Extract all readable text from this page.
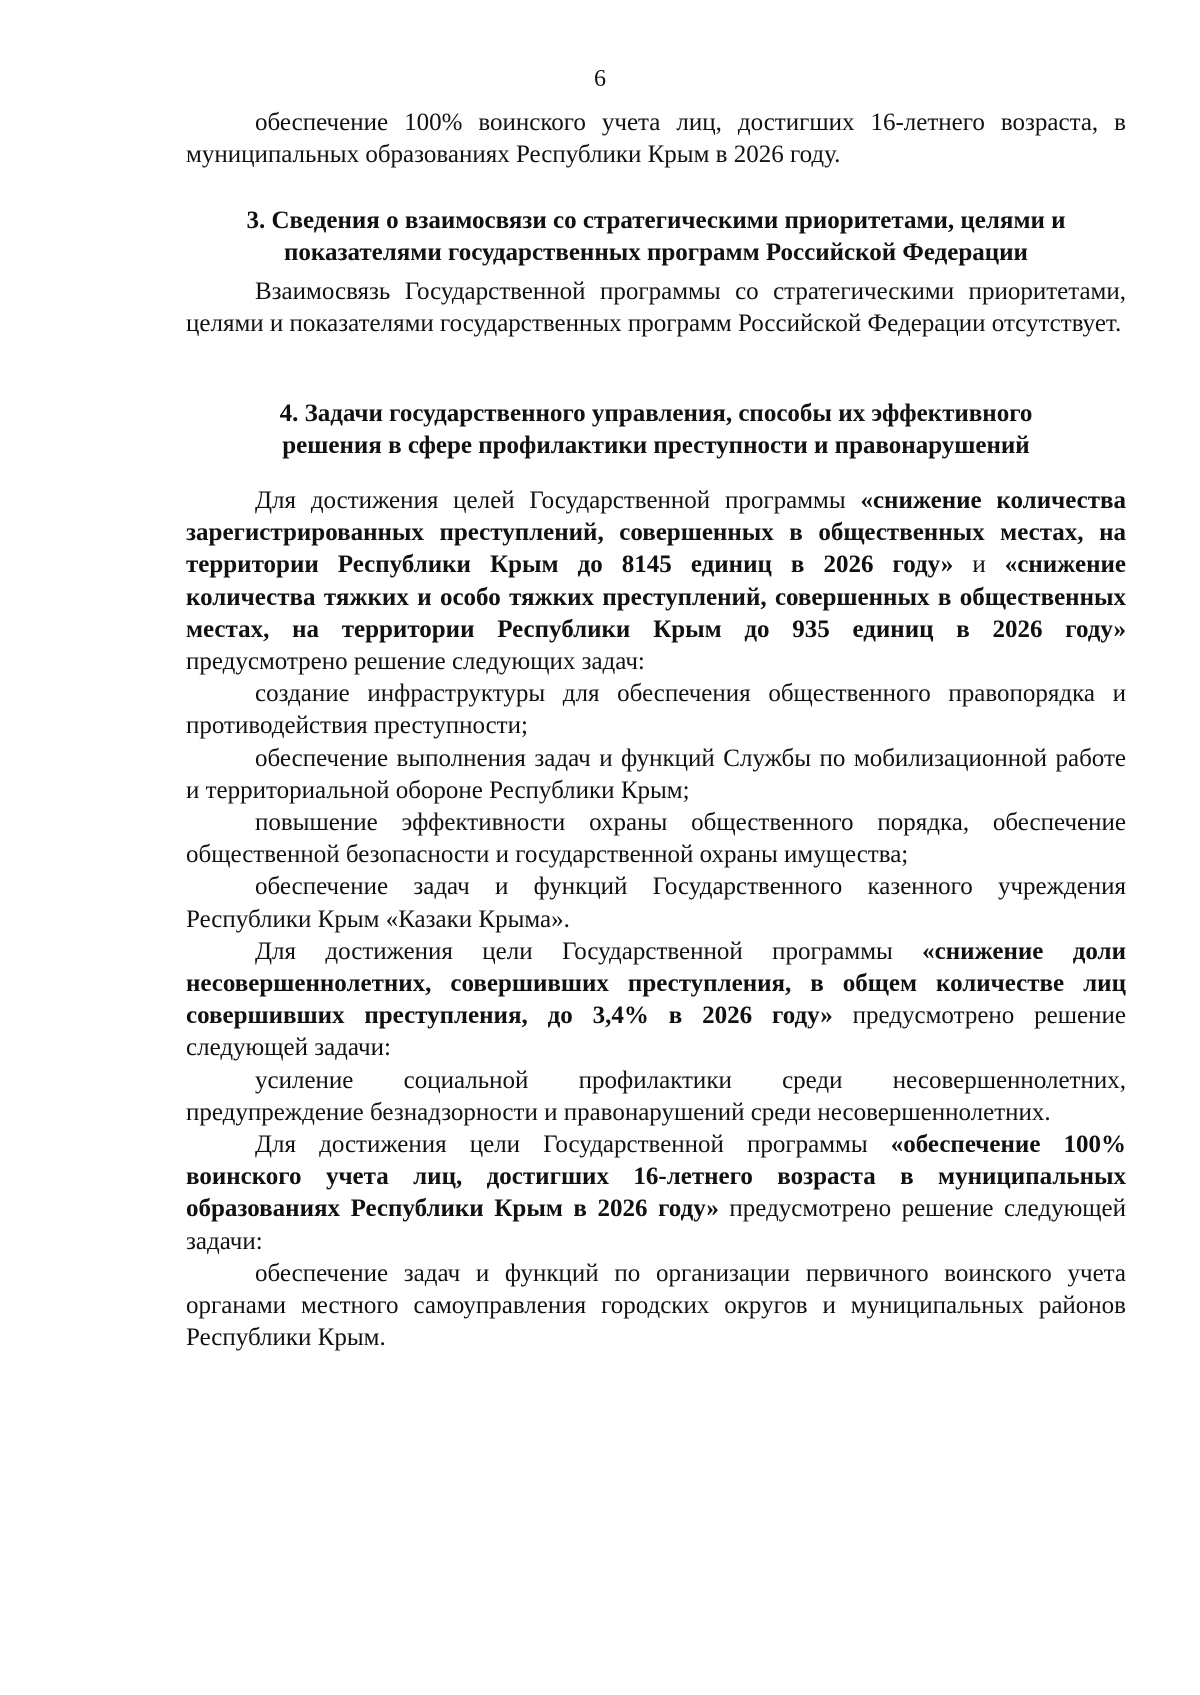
6

обеспечение 100% воинского учета лиц, достигших 16-летнего возраста, в муниципальных образованиях Республики Крым в 2026 году.

3. Сведения о взаимосвязи со стратегическими приоритетами, целями и

показателями государственных программ Российской Федерации

Взаимосвязь Государственной программы со стратегическими приоритетами, целями и показателями государственных программ Российской Федерации отсутствует.

4. Задачи государственного управления, способы их эффективного

решения в сфере профилактики преступности и правонарушений

Для достижения целей Государственной программы «снижение количества зарегистрированных преступлений, совершенных в общественных местах, на территории Республики Крым до 8145 единиц в 2026 году» и «снижение количества тяжких и особо тяжких преступлений, совершенных в общественных местах, на территории Республики Крым до 935 единиц в 2026 году» предусмотрено решение следующих задач:

создание инфраструктуры для обеспечения общественного правопорядка и противодействия преступности;

обеспечение выполнения задач и функций Службы по мобилизационной работе и территориальной обороне Республики Крым;

повышение эффективности охраны общественного порядка, обеспечение общественной безопасности и государственной охраны имущества;

обеспечение задач и функций Государственного казенного учреждения Республики Крым «Казаки Крыма».

Для достижения цели Государственной программы «снижение доли несовершеннолетних, совершивших преступления, в общем количестве лиц совершивших преступления, до 3,4% в 2026 году» предусмотрено решение следующей задачи:

усиление социальной профилактики среди несовершеннолетних, предупреждение безнадзорности и правонарушений среди несовершеннолетних.

Для достижения цели Государственной программы «обеспечение 100% воинского учета лиц, достигших 16-летнего возраста в муниципальных образованиях Республики Крым в 2026 году» предусмотрено решение следующей задачи:

обеспечение задач и функций по организации первичного воинского учета органами местного самоуправления городских округов и муниципальных районов Республики Крым.
